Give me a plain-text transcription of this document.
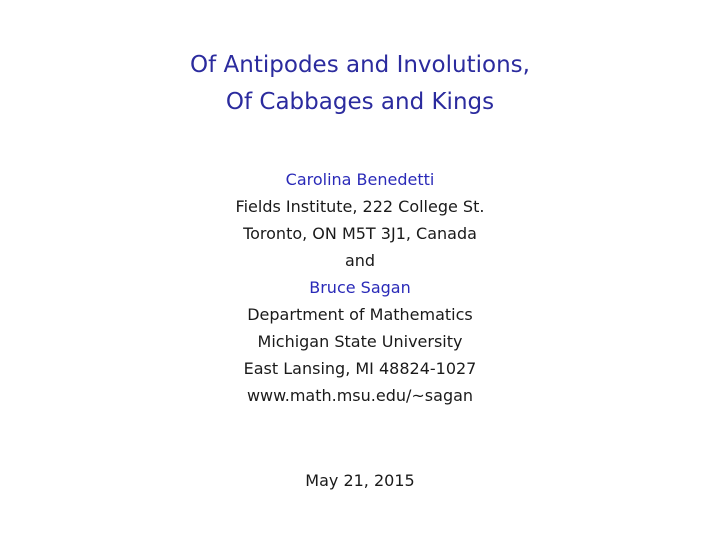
Of Antipodes and Involutions,
Of Cabbages and Kings
Carolina Benedetti
Fields Institute, 222 College St.
Toronto, ON M5T 3J1, Canada
and
Bruce Sagan
Department of Mathematics
Michigan State University
East Lansing, MI 48824-1027
www.math.msu.edu/~sagan
May 21, 2015
